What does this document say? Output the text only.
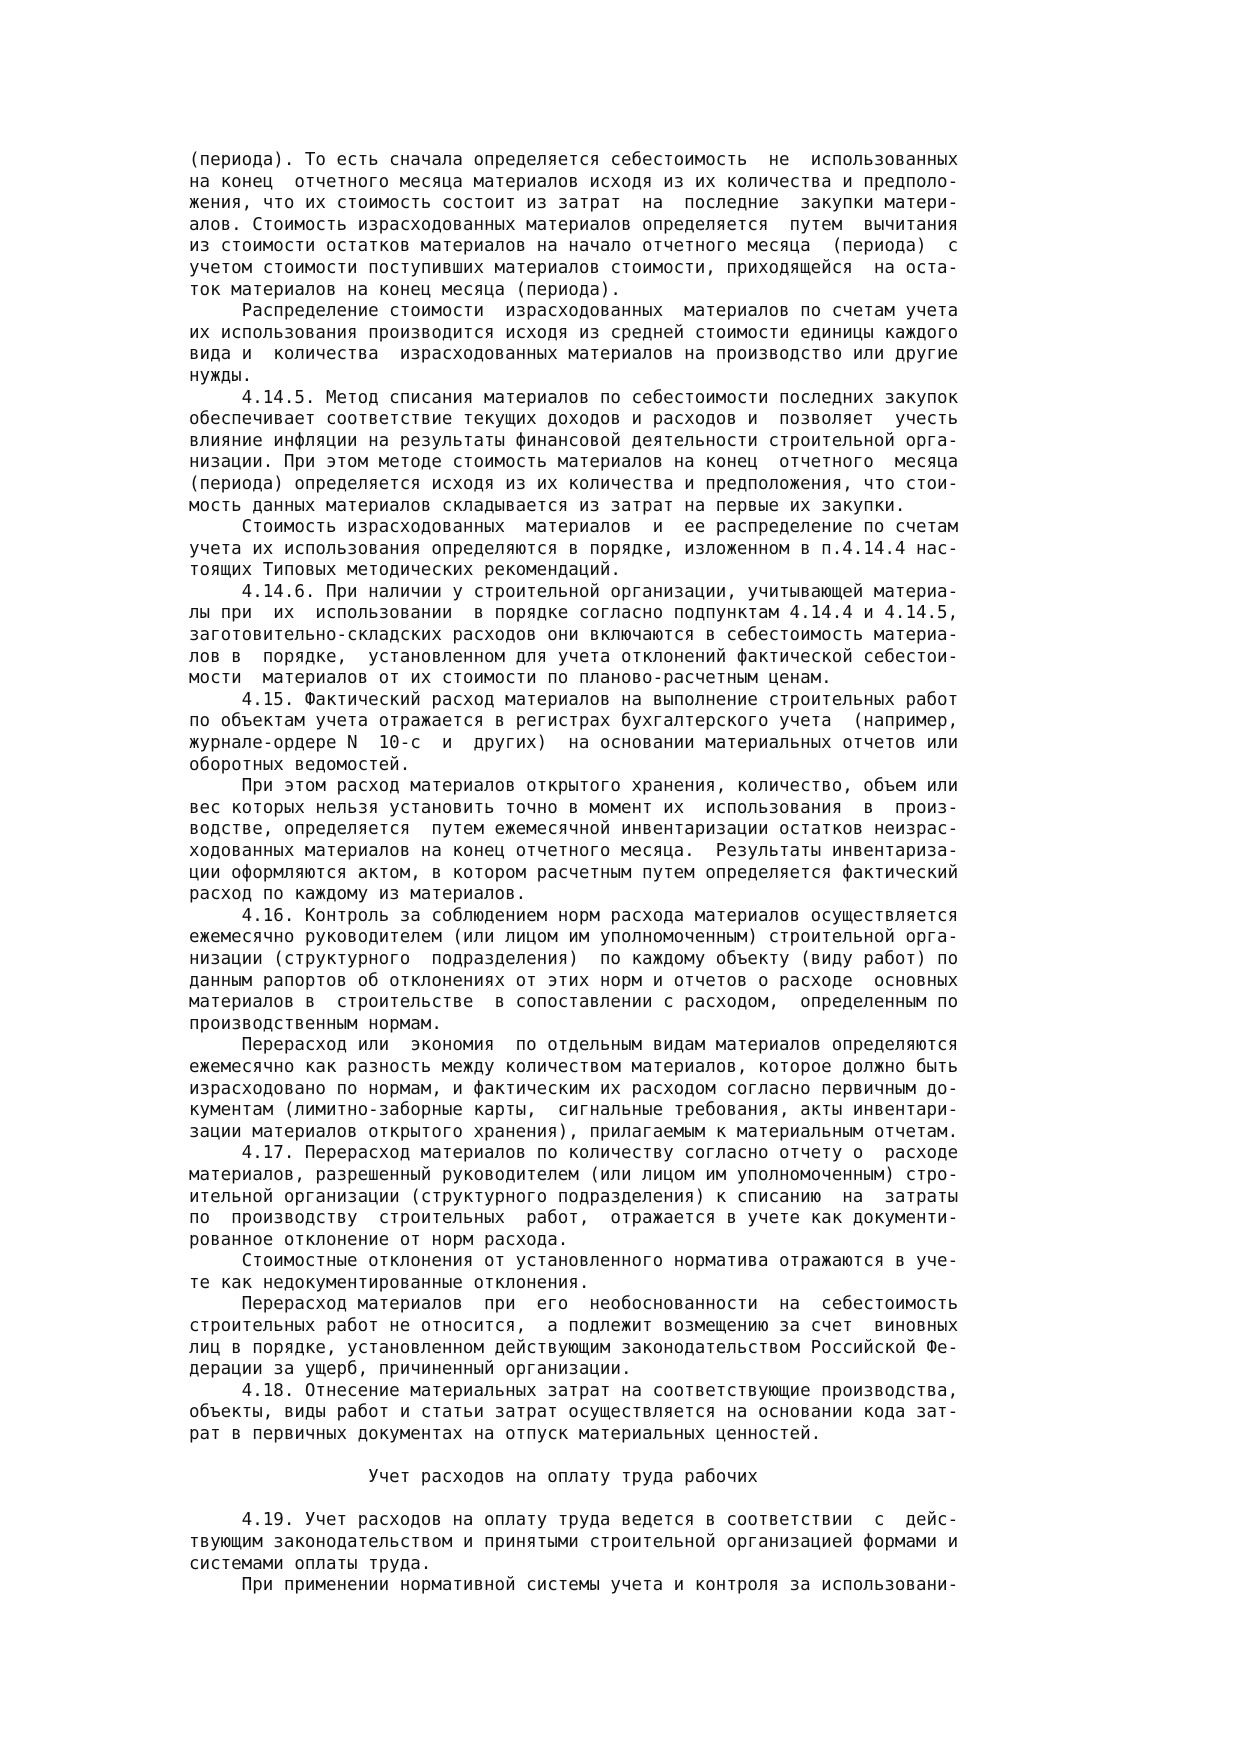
(периода). То есть сначала определяется себестоимость  не  использованных
на конец  отчетного месяца материалов исходя из их количества и предполо-
жения, что их стоимость состоит из затрат  на  последние  закупки матери-
алов. Стоимость израсходованных материалов определяется  путем  вычитания
из стоимости остатков материалов на начало отчетного месяца  (периода)  с
учетом стоимости поступивших материалов стоимости, приходящейся  на оста-
ток материалов на конец месяца (периода).
Распределение стоимости  израсходованных  материалов по счетам учета
их использования производится исходя из средней стоимости единицы каждого
вида и  количества  израсходованных материалов на производство или другие
нужды.
4.14.5. Метод списания материалов по себестоимости последних закупок
обеспечивает соответствие текущих доходов и расходов и  позволяет  учесть
влияние инфляции на результаты финансовой деятельности строительной орга-
низации. При этом методе стоимость материалов на конец  отчетного  месяца
(периода) определяется исходя из их количества и предположения, что стои-
мость данных материалов складывается из затрат на первые их закупки.
Стоимость израсходованных  материалов  и  ее распределение по счетам
учета их использования определяются в порядке, изложенном в п.4.14.4 нас-
тоящих Типовых методических рекомендаций.
4.14.6. При наличии у строительной организации, учитывающей материа-
лы при  их  использовании  в порядке согласно подпунктам 4.14.4 и 4.14.5,
заготовительно-складских расходов они включаются в себестоимость материа-
лов в  порядке,  установленном для учета отклонений фактической себестои-
мости  материалов от их стоимости по планово-расчетным ценам.
4.15. Фактический расход материалов на выполнение строительных работ
по объектам учета отражается в регистрах бухгалтерского учета  (например,
журнале-ордере N  10-с  и  других)  на основании материальных отчетов или
оборотных ведомостей.
При этом расход материалов открытого хранения, количество, объем или
вес которых нельзя установить точно в момент их  использования  в  произ-
водстве, определяется  путем ежемесячной инвентаризации остатков неизрас-
ходованных материалов на конец отчетного месяца.  Результаты инвентариза-
ции оформляются актом, в котором расчетным путем определяется фактический
расход по каждому из материалов.
4.16. Контроль за соблюдением норм расхода материалов осуществляется
ежемесячно руководителем (или лицом им уполномоченным) строительной орга-
низации (структурного  подразделения)  по каждому объекту (виду работ) по
данным рапортов об отклонениях от этих норм и отчетов о расходе  основных
материалов в  строительстве  в сопоставлении с расходом,  определенным по
производственным нормам.
Перерасход или  экономия  по отдельным видам материалов определяются
ежемесячно как разность между количеством материалов, которое должно быть
израсходовано по нормам, и фактическим их расходом согласно первичным до-
кументам (лимитно-заборные карты,  сигнальные требования, акты инвентари-
зации материалов открытого хранения), прилагаемым к материальным отчетам.
4.17. Перерасход материалов по количеству согласно отчету о  расходе
материалов, разрешенный руководителем (или лицом им уполномоченным) стро-
ительной организации (структурного подразделения) к списанию  на  затраты
по  производству  строительных  работ,  отражается в учете как документи-
рованное отклонение от норм расхода.
Стоимостные отклонения от установленного норматива отражаются в уче-
те как недокументированные отклонения.
Перерасход материалов  при  его  необоснованности  на  себестоимость
строительных работ не относится,  а подлежит возмещению за счет  виновных
лиц в порядке, установленном действующим законодательством Российской Фе-
дерации за ущерб, причиненный организации.
4.18. Отнесение материальных затрат на соответствующие производства,
объекты, виды работ и статьи затрат осуществляется на основании кода зат-
рат в первичных документах на отпуск материальных ценностей.
Учет расходов на оплату труда рабочих
4.19. Учет расходов на оплату труда ведется в соответствии  с  дейс-
твующим законодательством и принятыми строительной организацией формами и
системами оплаты труда.
При применении нормативной системы учета и контроля за использовани-
